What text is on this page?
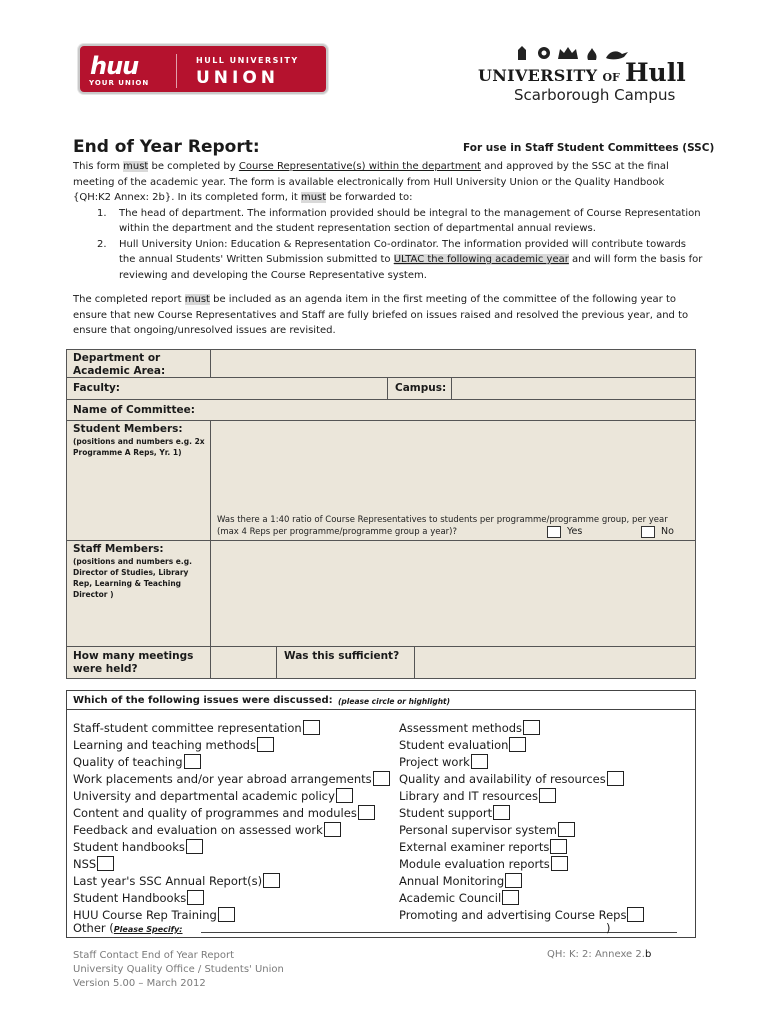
huu
YOUR UNION
HULL UNIVERSITY
UNION	UNIVERSITY OF Hull
Scarborough Campus
End of Year Report:	For use in Staff Student Committees (SSC)

This form must be completed by Course Representative(s) within the department and approved by the SSC at the final meeting of the academic year. The form is available electronically from Hull University Union or the Quality Handbook {QH:K2 Annex: 2b}. In its completed form, it must be forwarded to:

1. The head of department. The information provided should be integral to the management of Course Representation within the department and the student representation section of departmental annual reviews.
2. Hull University Union: Education & Representation Co-ordinator. The information provided will contribute towards the annual Students' Written Submission submitted to ULTAC the following academic year and will form the basis for reviewing and developing the Course Representative system.

The completed report must be included as an agenda item in the first meeting of the committee of the following year to ensure that new Course Representatives and Staff are fully briefed on issues raised and resolved the previous year, and to ensure that ongoing/unresolved issues are revisited.

Department or Academic Area:
Faculty:	Campus:
Name of Committee:
Student Members:
(positions and numbers e.g. 2x Programme A Reps, Yr. 1)
Was there a 1:40 ratio of Course Representatives to students per programme/programme group, per year
(max 4 Reps per programme/programme group a year)?	Yes	No
Staff Members:
(positions and numbers e.g. Director of Studies, Library Rep, Learning & Teaching Director )
How many meetings were held?
Was this sufficient?
Which of the following issues were discussed: (please circle or highlight)
Staff-student committee representation
Learning and teaching methods
Quality of teaching
Work placements and/or year abroad arrangements
University and departmental academic policy
Content and quality of programmes and modules
Feedback and evaluation on assessed work
Student handbooks
NSS
Last year's SSC Annual Report(s)
Student Handbooks
HUU Course Rep Training
Assessment methods
Student evaluation
Project work
Quality and availability of resources
Library and IT resources
Student support
Personal supervisor system
External examiner reports
Module evaluation reports
Annual Monitoring
Academic Council
Promoting and advertising Course Reps
Other (Please Specify:	)
Staff Contact End of Year Report
University Quality Office / Students' Union
Version 5.00 – March 2012
QH: K: 2: Annexe 2.b
